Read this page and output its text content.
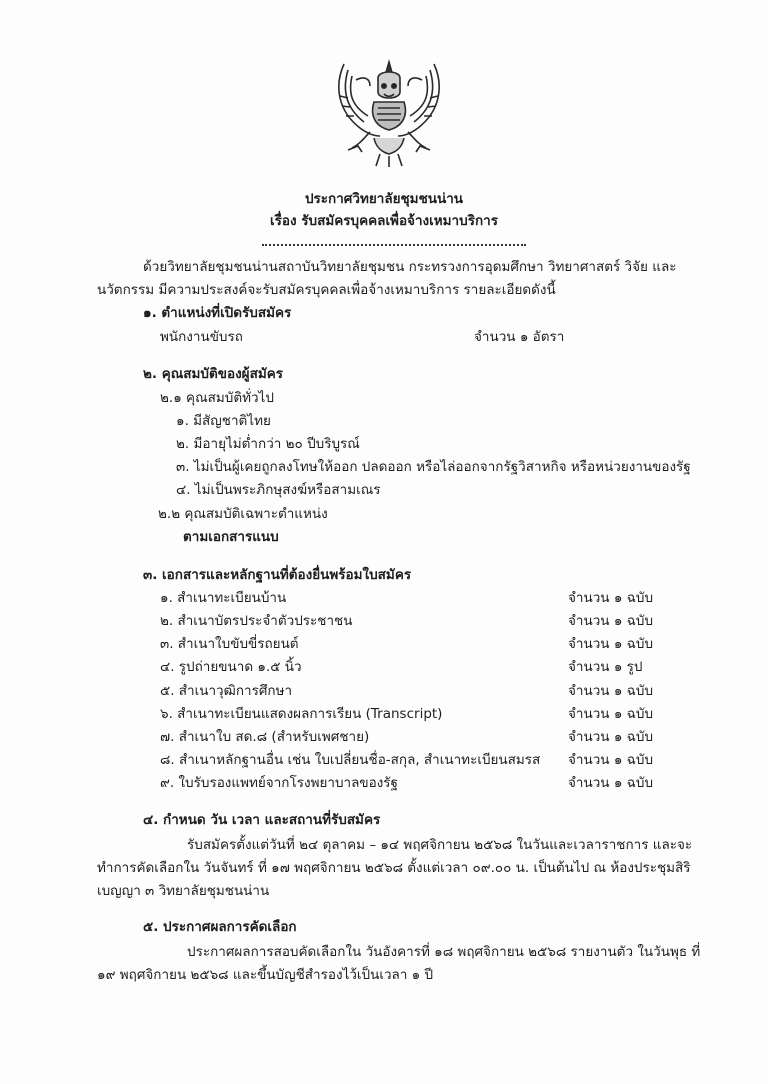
ประกาศวิทยาลัยชุมชนน่าน
เรื่อง รับสมัครบุคคลเพื่อจ้างเหมาบริการ
ด้วยวิทยาลัยชุมชนน่านสถาบันวิทยาลัยชุมชน กระทรวงการอุดมศึกษา วิทยาศาสตร์ วิจัย และ
นวัตกรรม มีความประสงค์จะรับสมัครบุคคลเพื่อจ้างเหมาบริการ รายละเอียดดังนี้
๑. ตำแหน่งที่เปิดรับสมัคร
พนักงานขับรถ	จำนวน ๑ อัตรา
๒. คุณสมบัติของผู้สมัคร
๒.๑ คุณสมบัติทั่วไป
๑. มีสัญชาติไทย
๒. มีอายุไม่ต่ำกว่า ๒๐ ปีบริบูรณ์
๓. ไม่เป็นผู้เคยถูกลงโทษให้ออก ปลดออก หรือไล่ออกจากรัฐวิสาหกิจ หรือหน่วยงานของรัฐ
๔. ไม่เป็นพระภิกษุสงฆ์หรือสามเณร
๒.๒ คุณสมบัติเฉพาะตำแหน่ง
ตามเอกสารแนบ
๓. เอกสารและหลักฐานที่ต้องยื่นพร้อมใบสมัคร
๑. สำเนาทะเบียนบ้าน	จำนวน ๑ ฉบับ
๒. สำเนาบัตรประจำตัวประชาชน	จำนวน ๑ ฉบับ
๓. สำเนาใบขับขี่รถยนต์	จำนวน ๑ ฉบับ
๔. รูปถ่ายขนาด ๑.๕ นิ้ว	จำนวน ๑ รูป
๕. สำเนาวุฒิการศึกษา	จำนวน ๑ ฉบับ
๖. สำเนาทะเบียนแสดงผลการเรียน (Transcript)	จำนวน ๑ ฉบับ
๗. สำเนาใบ สด.๘ (สำหรับเพศชาย)	จำนวน ๑ ฉบับ
๘. สำเนาหลักฐานอื่น เช่น ใบเปลี่ยนชื่อ-สกุล, สำเนาทะเบียนสมรส จำนวน ๑ ฉบับ
๙. ใบรับรองแพทย์จากโรงพยาบาลของรัฐ	จำนวน ๑ ฉบับ
๔. กำหนด วัน เวลา และสถานที่รับสมัคร
รับสมัครตั้งแต่วันที่ ๒๔ ตุลาคม – ๑๔ พฤศจิกายน ๒๕๖๘ ในวันและเวลาราชการ และจะ
ทำการคัดเลือกใน วันจันทร์ ที่ ๑๗ พฤศจิกายน ๒๕๖๘ ตั้งแต่เวลา ๐๙.๐๐ น. เป็นต้นไป ณ ห้องประชุมสิริ
เบญญา ๓ วิทยาลัยชุมชนน่าน
๕. ประกาศผลการคัดเลือก
ประกาศผลการสอบคัดเลือกใน วันอังคารที่ ๑๘ พฤศจิกายน ๒๕๖๘ รายงานตัว ในวันพุธ ที่
๑๙ พฤศจิกายน ๒๕๖๘ และขึ้นบัญชีสำรองไว้เป็นเวลา ๑ ปี
